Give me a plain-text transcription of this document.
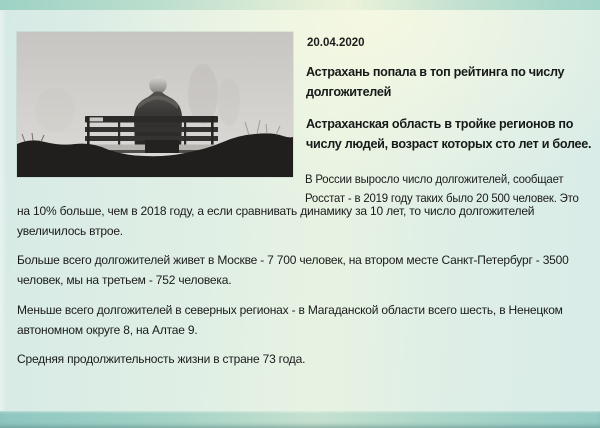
20.04.2020
Астрахань попала в топ рейтинга по числу
долгожителей
Астраханская область в тройке регионов по
числу людей, возраст которых сто лет и более.
В России выросло число долгожителей, сообщает
Росстат - в 2019 году таких было 20 500 человек. Это
на 10% больше, чем в 2018 году, а если сравнивать динамику за 10 лет, то число долгожителей
увеличилось втрое.
Больше всего долгожителей живет в Москве - 7 700 человек, на втором месте Санкт-Петербург - 3500
человек, мы на третьем - 752 человека.
Меньше всего долгожителей в северных регионах - в Магаданской области всего шесть, в Ненецком
автономном округе 8, на Алтае 9.
Средняя продолжительность жизни в стране 73 года.
